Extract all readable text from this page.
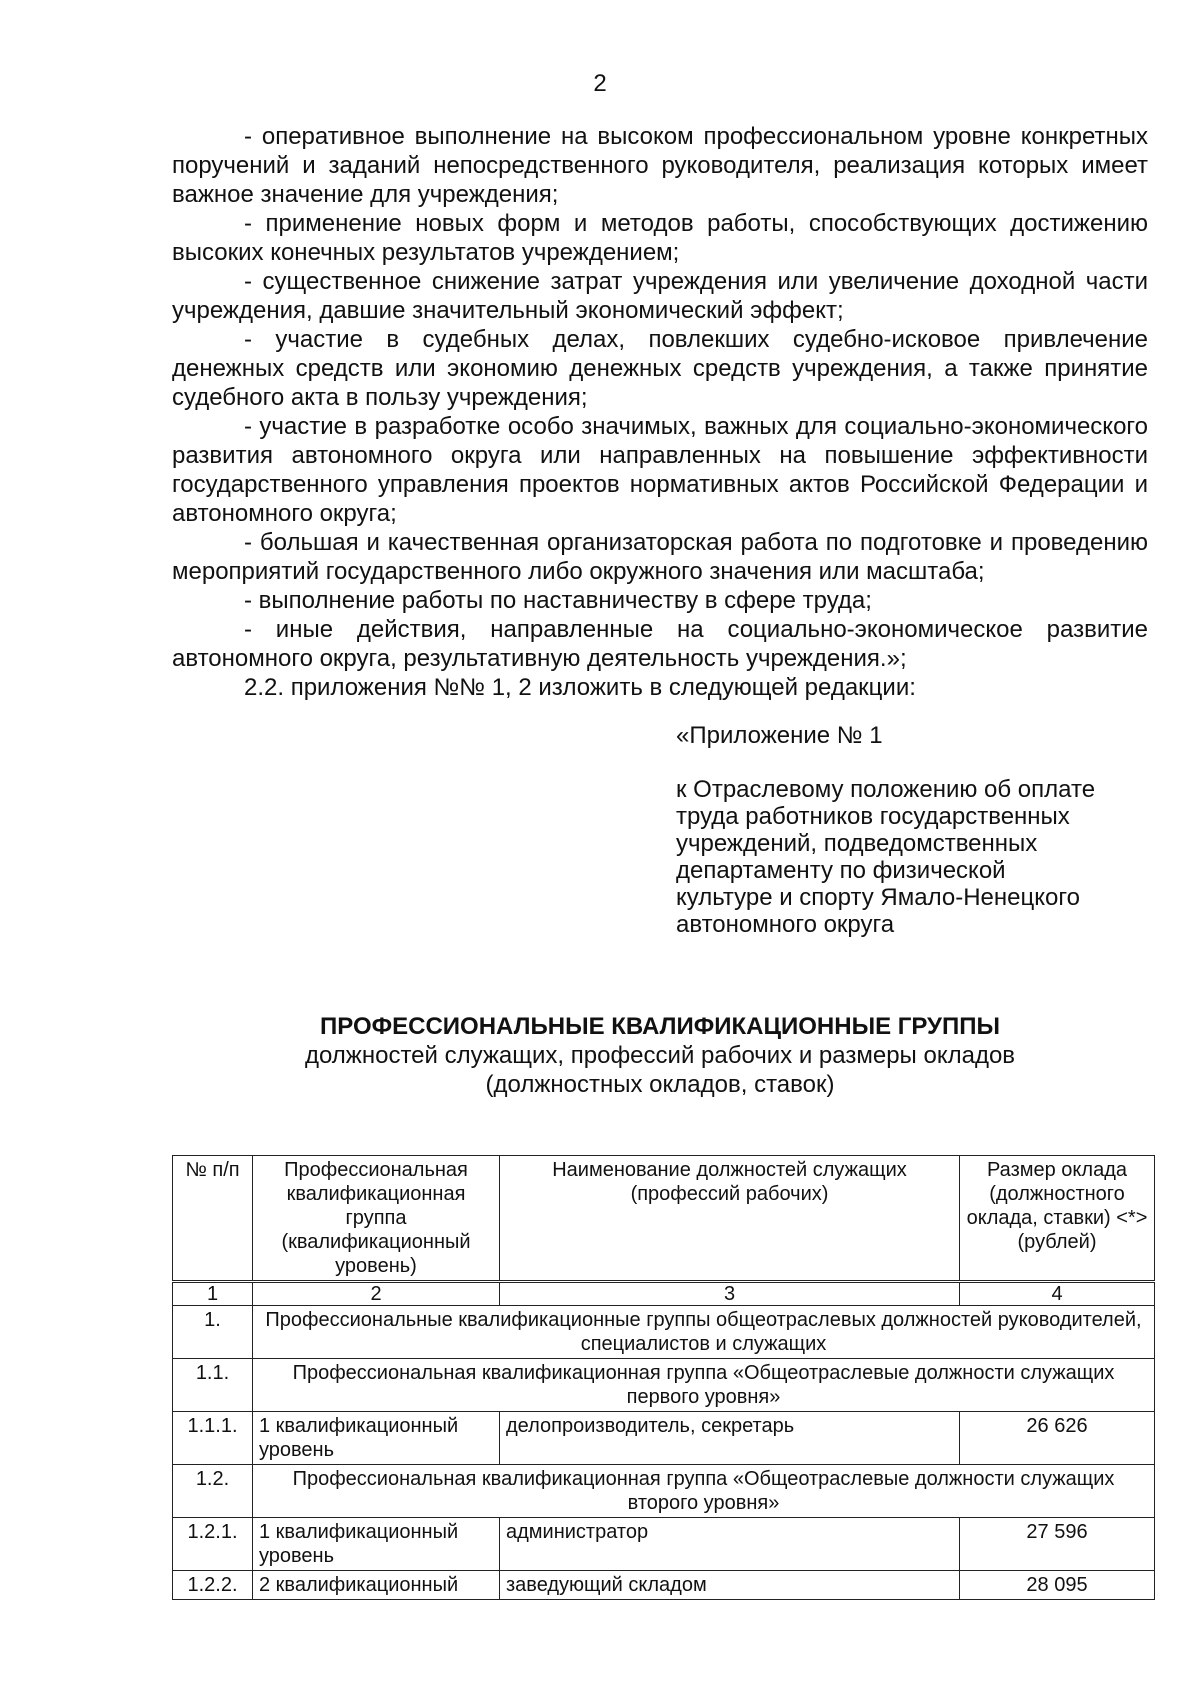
2

- оперативное выполнение на высоком профессиональном уровне конкретных поручений и заданий непосредственного руководителя, реализация которых имеет важное значение для учреждения;

- применение новых форм и методов работы, способствующих достижению высоких конечных результатов учреждением;

- существенное снижение затрат учреждения или увеличение доходной части учреждения, давшие значительный экономический эффект;

- участие в судебных делах, повлекших судебно-исковое привлечение денежных средств или экономию денежных средств учреждения, а также принятие судебного акта в пользу учреждения;

- участие в разработке особо значимых, важных для социально-экономического развития автономного округа или направленных на повышение эффективности государственного управления проектов нормативных актов Российской Федерации и автономного округа;

- большая и качественная организаторская работа по подготовке и проведению мероприятий государственного либо окружного значения или масштаба;

- выполнение работы по наставничеству в сфере труда;

- иные действия, направленные на социально-экономическое развитие автономного округа, результативную деятельность учреждения.»;

2.2. приложения №№ 1, 2 изложить в следующей редакции:

«Приложение № 1
к Отраслевому положению об оплате
труда работников государственных
учреждений, подведомственных
департаменту по физической
культуре и спорту Ямало-Ненецкого
автономного округа
ПРОФЕССИОНАЛЬНЫЕ КВАЛИФИКАЦИОННЫЕ ГРУППЫ
должностей служащих, профессий рабочих и размеры окладов
(должностных окладов, ставок)
№ п/п	Профессиональная квалификационная группа (квалификационный уровень)	Наименование должностей служащих (профессий рабочих)	Размер оклада (должностного оклада, ставки) <*> (рублей)
1	2	3	4
1.	Профессиональные квалификационные группы общеотраслевых должностей руководителей, специалистов и служащих		
1.1.	Профессиональная квалификационная группа «Общеотраслевые должности служащих первого уровня»		
1.1.1.	1 квалификационный уровень	делопроизводитель, секретарь	26 626
1.2.	Профессиональная квалификационная группа «Общеотраслевые должности служащих второго уровня»		
1.2.1.	1 квалификационный уровень	администратор	27 596
1.2.2.	2 квалификационный	заведующий складом	28 095
